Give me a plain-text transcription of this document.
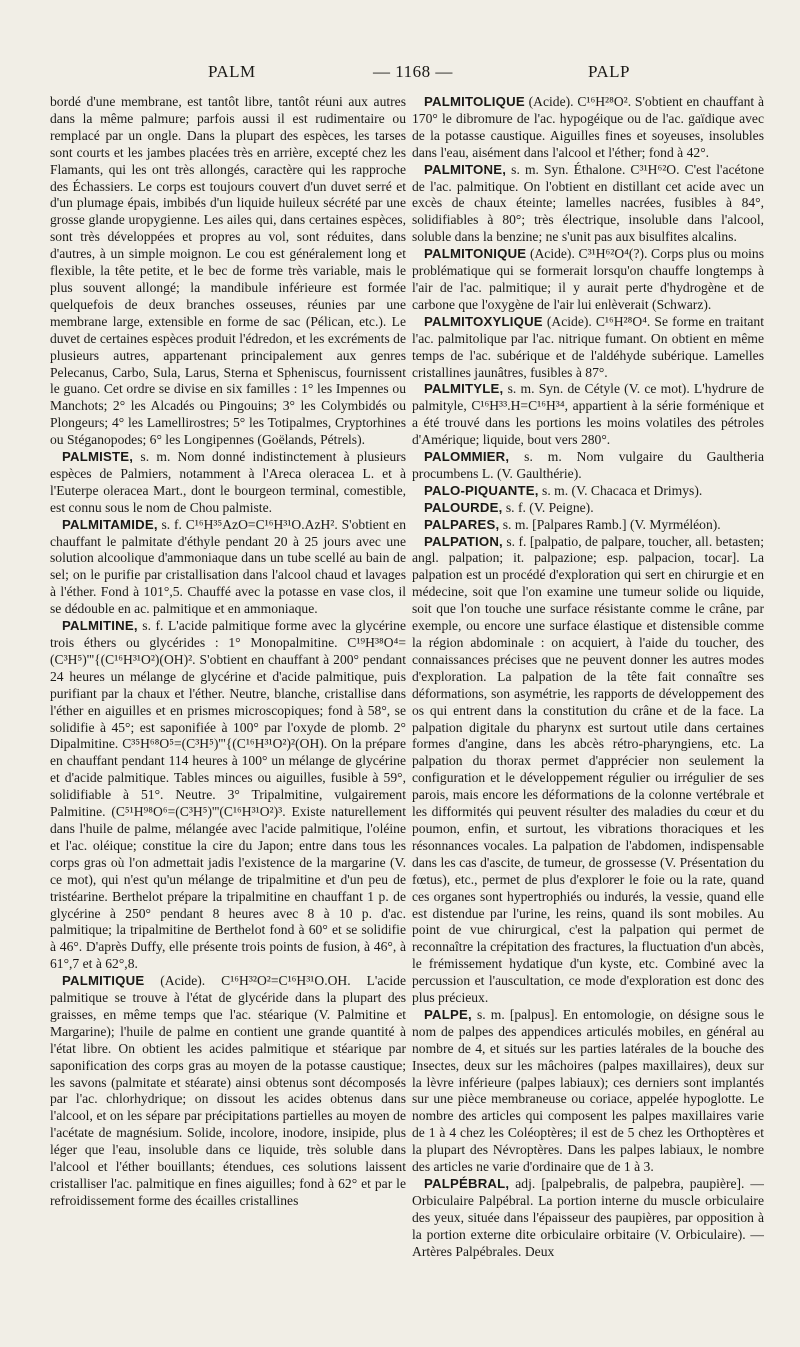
PALM	— 1168 —	PALP

bordé d'une membrane, est tantôt libre, tantôt réuni aux autres dans la même palmure; parfois aussi il est rudimentaire ou remplacé par un ongle. Dans la plupart des espèces, les tarses sont courts et les jambes placées très en arrière, excepté chez les Flamants, qui les ont très allongés, caractère qui les rapproche des Échassiers. Le corps est toujours couvert d'un duvet serré et d'un plumage épais, imbibés d'un liquide huileux sécrété par une grosse glande uropygienne. Les ailes qui, dans certaines espèces, sont très développées et propres au vol, sont réduites, dans d'autres, à un simple moignon. Le cou est généralement long et flexible, la tête petite, et le bec de forme très variable, mais le plus souvent allongé; la mandibule inférieure est formée quelquefois de deux branches osseuses, réunies par une membrane large, extensible en forme de sac (Pélican, etc.). Le duvet de certaines espèces produit l'édredon, et les excréments de plusieurs autres, appartenant principalement aux genres Pelecanus, Carbo, Sula, Larus, Sterna et Spheniscus, fournissent le guano. Cet ordre se divise en six familles : 1° les Impennes ou Manchots; 2° les Alcadés ou Pingouins; 3° les Colymbidés ou Plongeurs; 4° les Lamellirostres; 5° les Totipalmes, Cryptorhines ou Stéganopodes; 6° les Longipennes (Goëlands, Pétrels).

PALMISTE, s. m. Nom donné indistinctement à plusieurs espèces de Palmiers, notamment à l'Areca oleracea L. et à l'Euterpe oleracea Mart., dont le bourgeon terminal, comestible, est connu sous le nom de Chou palmiste.

PALMITAMIDE, s. f. C¹⁶H³⁵AzO=C¹⁶H³¹O.AzH². S'obtient en chauffant le palmitate d'éthyle pendant 20 à 25 jours avec une solution alcoolique d'ammoniaque dans un tube scellé au bain de sel; on le purifie par cristallisation dans l'alcool chaud et lavages à l'éther. Fond à 101°,5. Chauffé avec la potasse en vase clos, il se dédouble en ac. palmitique et en ammoniaque.

PALMITINE, s. f. L'acide palmitique forme avec la glycérine trois éthers ou glycérides : 1° Monopalmitine. C¹⁹H³⁸O⁴=(C³H⁵)'''{(C¹⁶H³¹O²)(OH)². S'obtient en chauffant à 200° pendant 24 heures un mélange de glycérine et d'acide palmitique, puis purifiant par la chaux et l'éther. Neutre, blanche, cristallise dans l'éther en aiguilles et en prismes microscopiques; fond à 58°, se solidifie à 45°; est saponifiée à 100° par l'oxyde de plomb. 2° Dipalmitine. C³⁵H⁶⁸O⁵=(C³H⁵)'''{(C¹⁶H³¹O²)²(OH). On la prépare en chauffant pendant 114 heures à 100° un mélange de glycérine et d'acide palmitique. Tables minces ou aiguilles, fusible à 59°, solidifiable à 51°. Neutre. 3° Tripalmitine, vulgairement Palmitine. (C⁵¹H⁹⁸O⁶=(C³H⁵)'''(C¹⁶H³¹O²)³. Existe naturellement dans l'huile de palme, mélangée avec l'acide palmitique, l'oléine et l'ac. oléique; constitue la cire du Japon; entre dans tous les corps gras où l'on admettait jadis l'existence de la margarine (V. ce mot), qui n'est qu'un mélange de tripalmitine et d'un peu de tristéarine. Berthelot prépare la tripalmitine en chauffant 1 p. de glycérine à 250° pendant 8 heures avec 8 à 10 p. d'ac. palmitique; la tripalmitine de Berthelot fond à 60° et se solidifie à 46°. D'après Duffy, elle présente trois points de fusion, à 46°, à 61°,7 et à 62°,8.

PALMITIQUE (Acide). C¹⁶H³²O²=C¹⁶H³¹O.OH. L'acide palmitique se trouve à l'état de glycéride dans la plupart des graisses, en même temps que l'ac. stéarique (V. Palmitine et Margarine); l'huile de palme en contient une grande quantité à l'état libre. On obtient les acides palmitique et stéarique par saponification des corps gras au moyen de la potasse caustique; les savons (palmitate et stéarate) ainsi obtenus sont décomposés par l'ac. chlorhydrique; on dissout les acides obtenus dans l'alcool, et on les sépare par précipitations partielles au moyen de l'acétate de magnésium. Solide, incolore, inodore, insipide, plus léger que l'eau, insoluble dans ce liquide, très soluble dans l'alcool et l'éther bouillants; étendues, ces solutions laissent cristalliser l'ac. palmitique en fines aiguilles; fond à 62° et par le refroidissement forme des écailles cristallines

PALMITOLIQUE (Acide). C¹⁶H²⁸O². S'obtient en chauffant à 170° le dibromure de l'ac. hypogéique ou de l'ac. gaïdique avec de la potasse caustique. Aiguilles fines et soyeuses, insolubles dans l'eau, aisément dans l'alcool et l'éther; fond à 42°.

PALMITONE, s. m. Syn. Éthalone. C³¹H⁶²O. C'est l'acétone de l'ac. palmitique. On l'obtient en distillant cet acide avec un excès de chaux éteinte; lamelles nacrées, fusibles à 84°, solidifiables à 80°; très électrique, insoluble dans l'alcool, soluble dans la benzine; ne s'unit pas aux bisulfites alcalins.

PALMITONIQUE (Acide). C³¹H⁶²O⁴(?). Corps plus ou moins problématique qui se formerait lorsqu'on chauffe longtemps à l'air de l'ac. palmitique; il y aurait perte d'hydrogène et de carbone que l'oxygène de l'air lui enlèverait (Schwarz).

PALMITOXYLIQUE (Acide). C¹⁶H²⁸O⁴. Se forme en traitant l'ac. palmitolique par l'ac. nitrique fumant. On obtient en même temps de l'ac. subérique et de l'aldéhyde subérique. Lamelles cristallines jaunâtres, fusibles à 87°.

PALMITYLE, s. m. Syn. de Cétyle (V. ce mot). L'hydrure de palmityle, C¹⁶H³³.H=C¹⁶H³⁴, appartient à la série forménique et a été trouvé dans les portions les moins volatiles des pétroles d'Amérique; liquide, bout vers 280°.

PALOMMIER, s. m. Nom vulgaire du Gaultheria procumbens L. (V. Gaulthérie).

PALO-PIQUANTE, s. m. (V. Chacaca et Drimys).

PALOURDE, s. f. (V. Peigne).

PALPARES, s. m. [Palpares Ramb.] (V. Myrméléon).

PALPATION, s. f. [palpatio, de palpare, toucher, all. betasten; angl. palpation; it. palpazione; esp. palpacion, tocar]. La palpation est un procédé d'exploration qui sert en chirurgie et en médecine, soit que l'on examine une tumeur solide ou liquide, soit que l'on touche une surface résistante comme le crâne, par exemple, ou encore une surface élastique et distensible comme la région abdominale : on acquiert, à l'aide du toucher, des connaissances précises que ne peuvent donner les autres modes d'exploration. La palpation de la tête fait connaître ses déformations, son asymétrie, les rapports de développement des os qui entrent dans la constitution du crâne et de la face. La palpation digitale du pharynx est surtout utile dans certaines formes d'angine, dans les abcès rétro-pharyngiens, etc. La palpation du thorax permet d'apprécier non seulement la configuration et le développement régulier ou irrégulier de ses parois, mais encore les déformations de la colonne vertébrale et les difformités qui peuvent résulter des maladies du cœur et du poumon, enfin, et surtout, les vibrations thoraciques et les résonnances vocales. La palpation de l'abdomen, indispensable dans les cas d'ascite, de tumeur, de grossesse (V. Présentation du fœtus), etc., permet de plus d'explorer le foie ou la rate, quand ces organes sont hypertrophiés ou indurés, la vessie, quand elle est distendue par l'urine, les reins, quand ils sont mobiles. Au point de vue chirurgical, c'est la palpation qui permet de reconnaître la crépitation des fractures, la fluctuation d'un abcès, le frémissement hydatique d'un kyste, etc. Combiné avec la percussion et l'auscultation, ce mode d'exploration est donc des plus précieux.

PALPE, s. m. [palpus]. En entomologie, on désigne sous le nom de palpes des appendices articulés mobiles, en général au nombre de 4, et situés sur les parties latérales de la bouche des Insectes, deux sur les mâchoires (palpes maxillaires), deux sur la lèvre inférieure (palpes labiaux); ces derniers sont implantés sur une pièce membraneuse ou coriace, appelée hypoglotte. Le nombre des articles qui composent les palpes maxillaires varie de 1 à 4 chez les Coléoptères; il est de 5 chez les Orthoptères et la plupart des Névroptères. Dans les palpes labiaux, le nombre des articles ne varie d'ordinaire que de 1 à 3.

PALPÉBRAL, adj. [palpebralis, de palpebra, paupière]. — Orbiculaire Palpébral. La portion interne du muscle orbiculaire des yeux, située dans l'épaisseur des paupières, par opposition à la portion externe dite orbiculaire orbitaire (V. Orbiculaire). — Artères Palpébrales. Deux
